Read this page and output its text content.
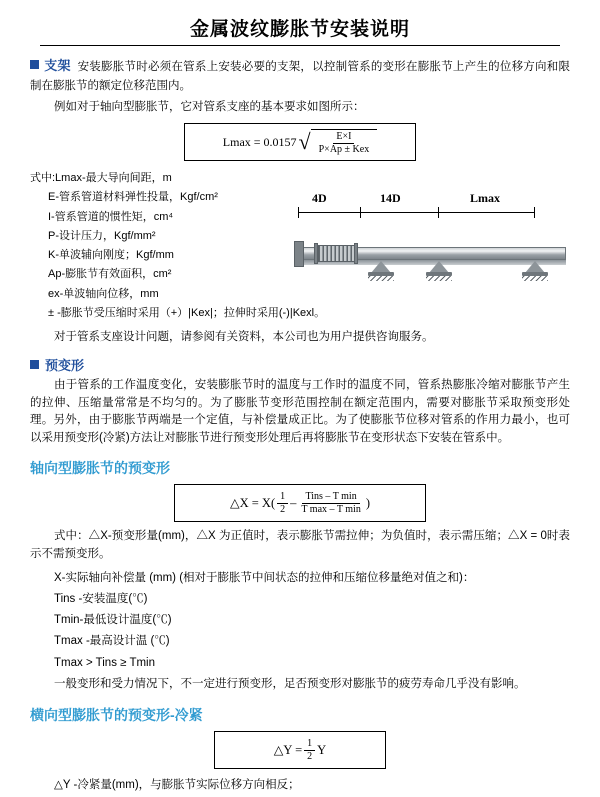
金属波纹膨胀节安装说明

支架 安装膨胀节时必须在管系上安装必要的支架，以控制管系的变形在膨胀节上产生的位移方向和限制在膨胀节的额定位移范围内。

例如对于轴向型膨胀节，它对管系支座的基本要求如图所示：

Lmax = 0.0157 √ $\frac{E\times I}{\text{P×Ap ± Kex}}$
式中:Lmax-最大导向间距，m
E-管系管道材料弹性投量，Kgf/cm²
I-管系管道的惯性矩，cm⁴
P-设计压力，Kgf/mm²
K-单波辅向刚度；Kgf/mm
Ap-膨胀节有效面积，cm²
ex-单波轴向位移，mm
± -膨胀节受压缩时采用（+）|Kex|；拉伸时采用(-)|Kexl。
4D	14D	Lmax

对于管系支座设计问题，请参阅有关资料，本公司也为用户提供咨询服务。

预变形

由于管系的工作温度变化，安装膨胀节时的温度与工作时的温度不同，管系热膨胀冷缩对膨胀节产生的拉伸、压缩量常常是不均匀的。为了膨胀节变形范围控制在额定范围内，需要对膨胀节采取预变形处理。另外，由于膨胀节两端是一个定值，与补偿量成正比。为了使膨胀节位移对管系的作用力最小，也可以采用预变形(冷紧)方法让对膨胀节进行预变形处理后再将膨胀节在变形状态下安装在管系中。

轴向型膨胀节的预变形
△X = $X( \frac{1}{2} - \frac{\text{Tins – T min}}{\text{T max – T min}}$ )

式中：△X-预变形量(mm)，△X 为正值时，表示膨胀节需拉伸；为负值时，表示需压缩；△X = 0时表示不需预变形。

X-实际轴向补偿量 (mm) (相对于膨胀节中间状态的拉伸和压缩位移量绝对值之和)：
Tins -安装温度(℃)
Tmin-最低设计温度(℃)
Tmax -最高设计温 (℃)
Tmax > Tins ≥ Tmin
一般变形和受力情况下，不一定进行预变形，足否预变形对膨胀节的疲劳寿命几乎没有影响。
横向型膨胀节的预变形-冷紧
△Y = $\frac{1}{2}$ Y
△Y -冷紧量(mm)，与膨胀节实际位移方向相反；
